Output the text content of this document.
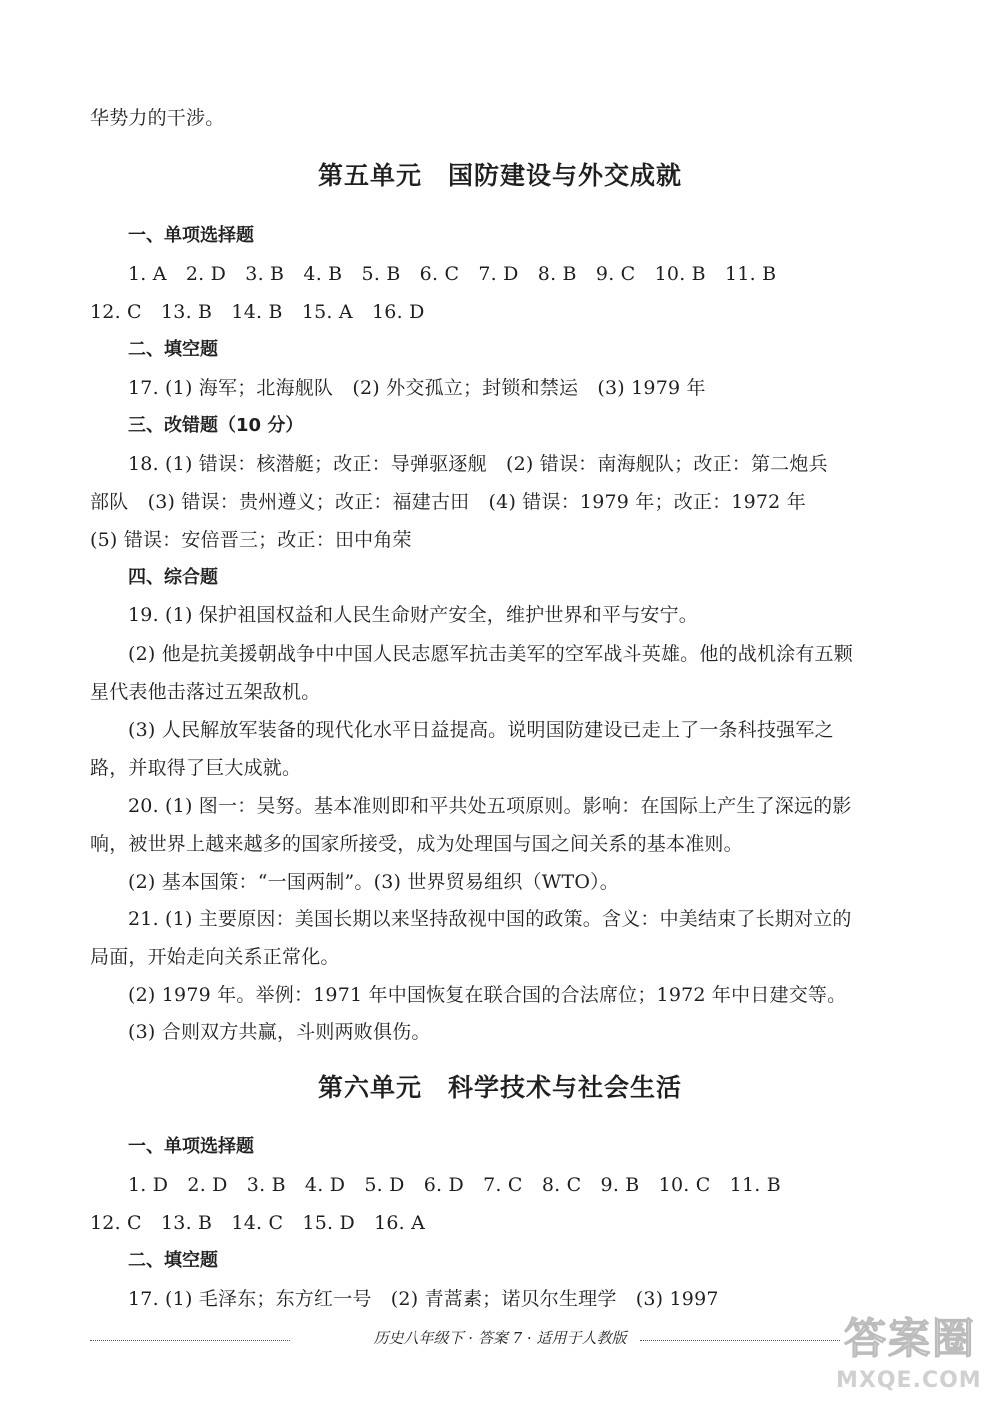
华势力的干涉。
第五单元　国防建设与外交成就
一、单项选择题
1. A　2. D　3. B　4. B　5. B　6. C　7. D　8. B　9. C　10. B　11. B
12. C　13. B　14. B　15. A　16. D
二、填空题
17. (1) 海军；北海舰队　(2) 外交孤立；封锁和禁运　(3) 1979 年
三、改错题（10 分）
18. (1) 错误：核潜艇；改正：导弹驱逐舰　(2) 错误：南海舰队；改正：第二炮兵
部队　(3) 错误：贵州遵义；改正：福建古田　(4) 错误：1979 年；改正：1972 年
(5) 错误：安倍晋三；改正：田中角荣
四、综合题
19. (1) 保护祖国权益和人民生命财产安全，维护世界和平与安宁。
(2) 他是抗美援朝战争中中国人民志愿军抗击美军的空军战斗英雄。他的战机涂有五颗
星代表他击落过五架敌机。
(3) 人民解放军装备的现代化水平日益提高。说明国防建设已走上了一条科技强军之
路，并取得了巨大成就。
20. (1) 图一：吴努。基本准则即和平共处五项原则。影响：在国际上产生了深远的影
响，被世界上越来越多的国家所接受，成为处理国与国之间关系的基本准则。
(2) 基本国策：“一国两制”。(3) 世界贸易组织（WTO）。
21. (1) 主要原因：美国长期以来坚持敌视中国的政策。含义：中美结束了长期对立的
局面，开始走向关系正常化。
(2) 1979 年。举例：1971 年中国恢复在联合国的合法席位；1972 年中日建交等。
(3) 合则双方共赢，斗则两败俱伤。
第六单元　科学技术与社会生活
一、单项选择题
1. D　2. D　3. B　4. D　5. D　6. D　7. C　8. C　9. B　10. C　11. B
12. C　13. B　14. C　15. D　16. A
二、填空题
17. (1) 毛泽东；东方红一号　(2) 青蒿素；诺贝尔生理学　(3) 1997
历史八年级下 · 答案 7 · 适用于人教版	答案圈
MXQE.COM
